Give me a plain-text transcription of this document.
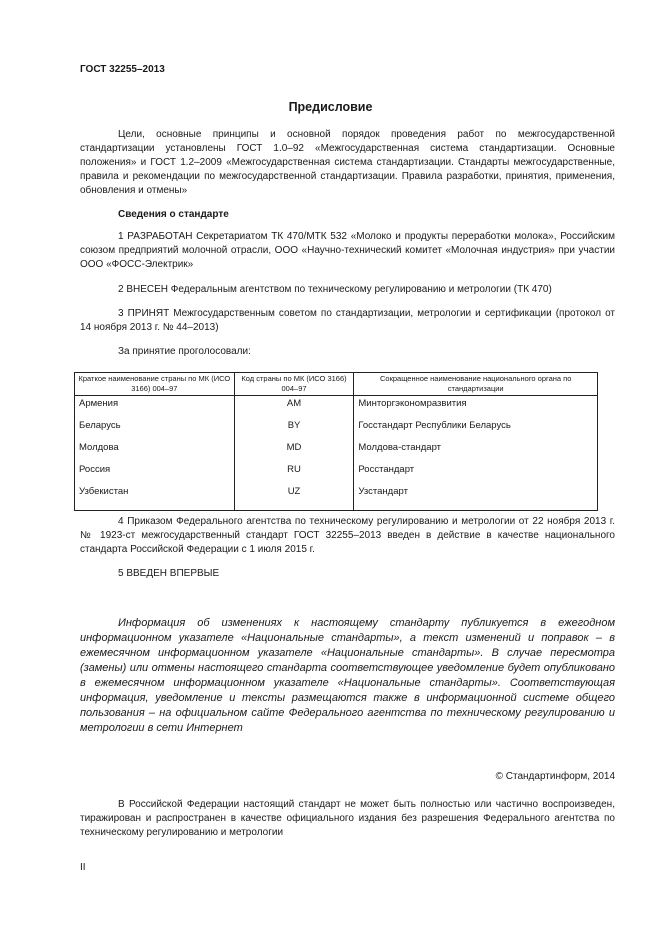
ГОСТ 32255–2013
Предисловие
Цели, основные принципы и основной порядок проведения работ по межгосударственной стандартизации установлены ГОСТ 1.0–92 «Межгосударственная система стандартизации. Основные положения» и ГОСТ 1.2–2009 «Межгосударственная система стандартизации. Стандарты межгосударственные, правила и рекомендации по межгосударственной стандартизации. Правила разработки, принятия, применения, обновления и отмены»
Сведения о стандарте
1 РАЗРАБОТАН Секретариатом ТК 470/МТК 532 «Молоко и продукты переработки молока», Российским союзом предприятий молочной отрасли, ООО «Научно-технический комитет «Молочная индустрия» при участии ООО «ФОСС-Электрик»
2 ВНЕСЕН Федеральным агентством по техническому регулированию и метрологии (ТК 470)
3 ПРИНЯТ Межгосударственным советом по стандартизации, метрологии и сертификации (протокол от 14 ноября 2013 г. № 44–2013)
За принятие проголосовали:
Краткое наименование страны по МК (ИСО 3166) 004–97	Код страны по МК (ИСО 3166) 004–97	Сокращенное наименование национального органа по стандартизации
Армения	AM	Минторгэкономразвития
Беларусь	BY	Госстандарт Республики Беларусь
Молдова	MD	Молдова-стандарт
Россия	RU	Росстандарт
Узбекистан	UZ	Узстандарт
4 Приказом Федерального агентства по техническому регулированию и метрологии от 22 ноября 2013 г. № 1923-ст межгосударственный стандарт ГОСТ 32255–2013 введен в действие в качестве национального стандарта Российской Федерации с 1 июля 2015 г.
5 ВВЕДЕН ВПЕРВЫЕ
Информация об изменениях к настоящему стандарту публикуется в ежегодном информационном указателе «Национальные стандарты», а текст изменений и поправок – в ежемесячном информационном указателе «Национальные стандарты». В случае пересмотра (замены) или отмены настоящего стандарта соответствующее уведомление будет опубликовано в ежемесячном информационном указателе «Национальные стандарты». Соответствующая информация, уведомление и тексты размещаются также в информационной системе общего пользования – на официальном сайте Федерального агентства по техническому регулированию и метрологии в сети Интернет
© Стандартинформ, 2014
В Российской Федерации настоящий стандарт не может быть полностью или частично воспроизведен, тиражирован и распространен в качестве официального издания без разрешения Федерального агентства по техническому регулированию и метрологии
II
